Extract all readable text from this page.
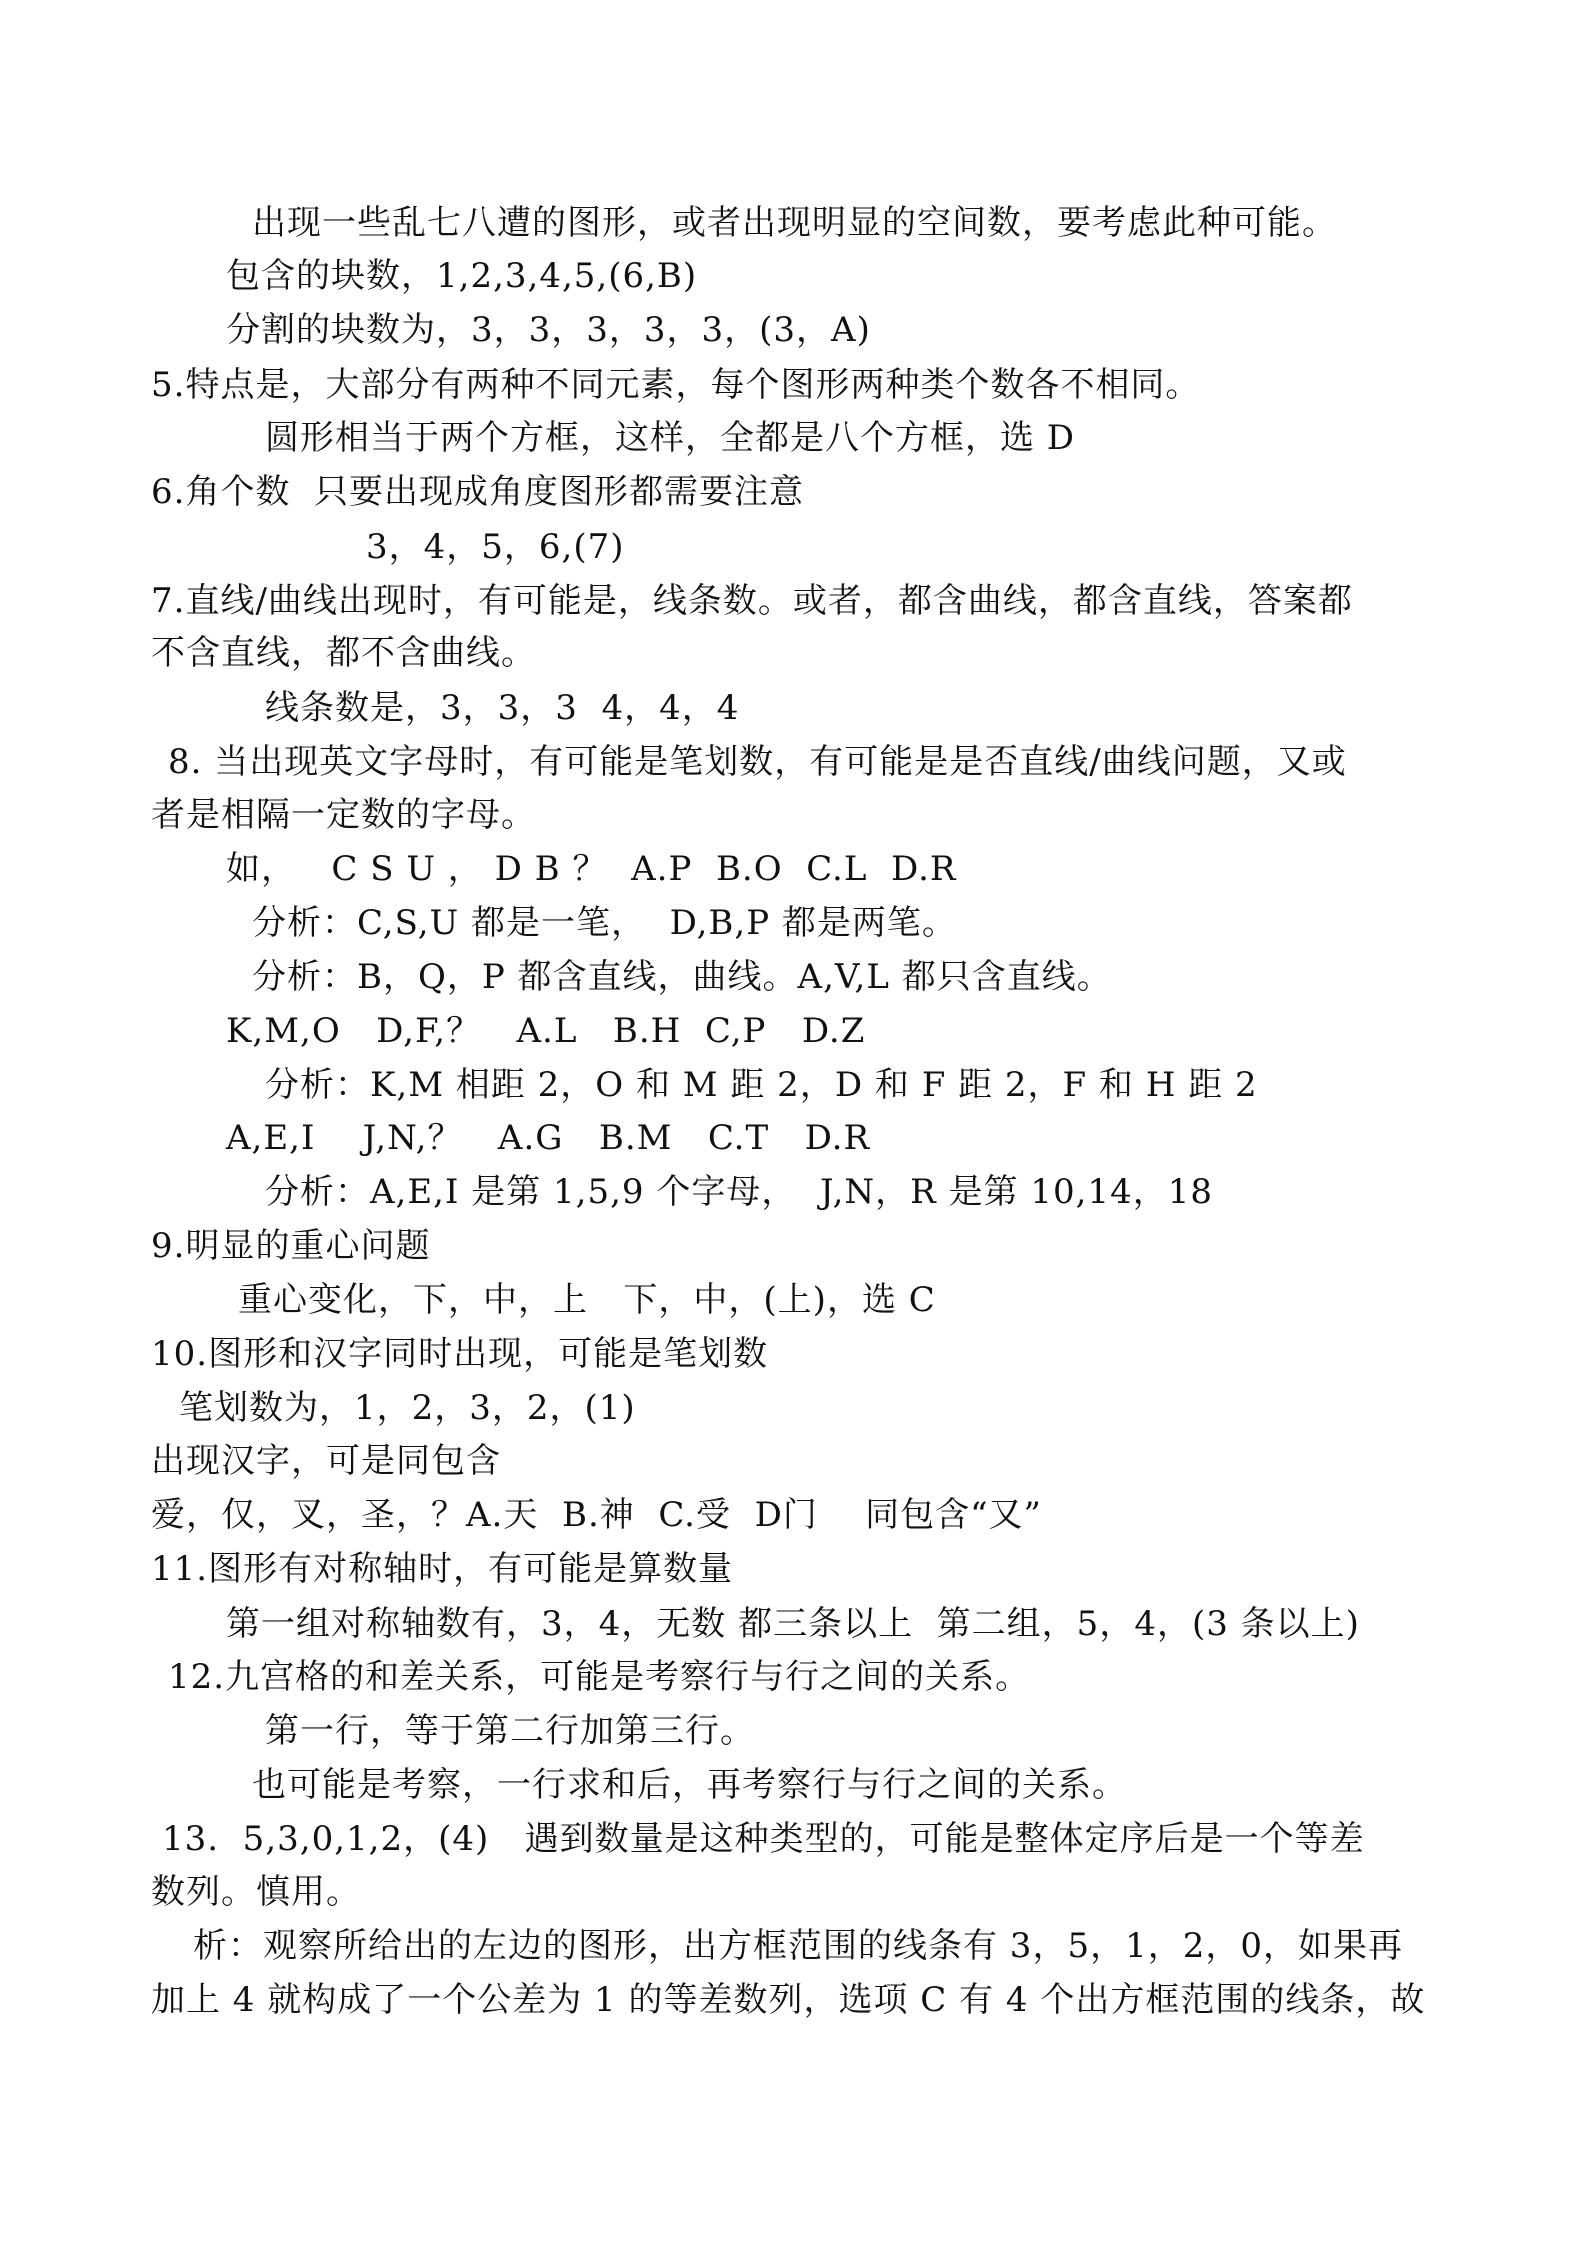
出现一些乱七八遭的图形，或者出现明显的空间数，要考虑此种可能。
包含的块数，1,2,3,4,5,(6,B)
分割的块数为，3，3，3，3，3，(3，A)
5.特点是，大部分有两种不同元素，每个图形两种类个数各不相同。
圆形相当于两个方框，这样，全都是八个方框，选 D
6.角个数  只要出现成角度图形都需要注意
3，4，5，6,(7)
7.直线/曲线出现时，有可能是，线条数。或者，都含曲线，都含直线，答案都
不含直线，都不含曲线。
线条数是，3，3，3  4，4，4
8. 当出现英文字母时，有可能是笔划数，有可能是是否直线/曲线问题，又或
者是相隔一定数的字母。
如，   C S U ， D B ？  A.P  B.O  C.L  D.R
分析：C,S,U 都是一笔，  D,B,P 都是两笔。
分析：B，Q，P 都含直线，曲线。A,V,L 都只含直线。
K,M,O   D,F,？   A.L   B.H  C,P   D.Z
分析：K,M 相距 2，O 和 M 距 2，D 和 F 距 2，F 和 H 距 2
A,E,I    J,N,？   A.G   B.M   C.T   D.R
分析：A,E,I 是第 1,5,9 个字母，  J,N，R 是第 10,14，18
9.明显的重心问题
重心变化，下，中，上   下，中，(上)，选 C
10.图形和汉字同时出现，可能是笔划数
笔划数为，1，2，3，2，(1)
出现汉字，可是同包含
爱，仅，叉，圣，？A.天  B.神  C.受  D门    同包含“又”
11.图形有对称轴时，有可能是算数量
第一组对称轴数有，3，4，无数 都三条以上  第二组，5，4，(3 条以上)
12.九宫格的和差关系，可能是考察行与行之间的关系。
第一行，等于第二行加第三行。
也可能是考察，一行求和后，再考察行与行之间的关系。
13.  5,3,0,1,2，(4)   遇到数量是这种类型的，可能是整体定序后是一个等差
数列。慎用。
析：观察所给出的左边的图形，出方框范围的线条有 3，5，1，2，0，如果再
加上 4 就构成了一个公差为 1 的等差数列，选项 C 有 4 个出方框范围的线条，故
